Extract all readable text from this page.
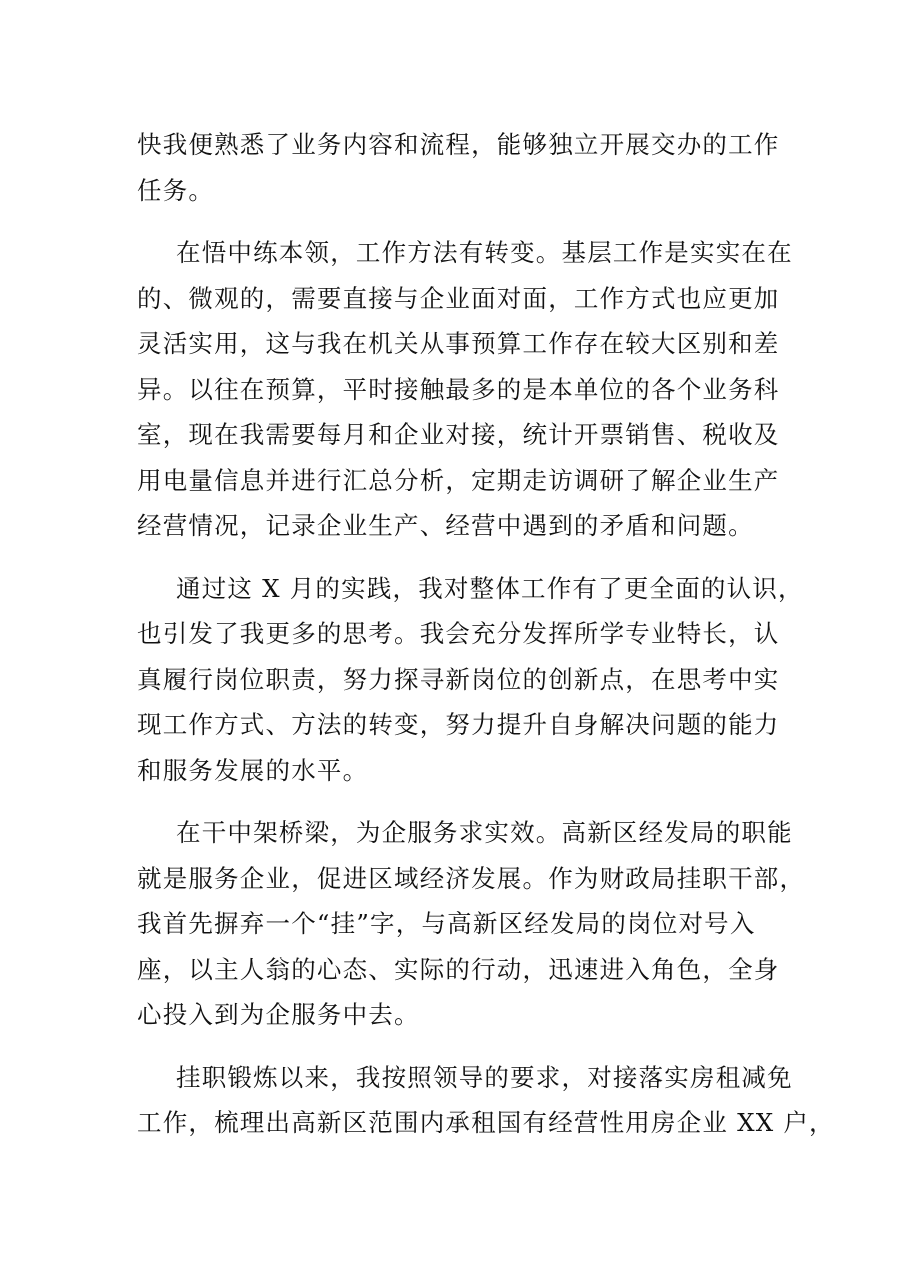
快我便熟悉了业务内容和流程，能够独立开展交办的工作
任务。
在悟中练本领，工作方法有转变。基层工作是实实在在
的、微观的，需要直接与企业面对面，工作方式也应更加
灵活实用，这与我在机关从事预算工作存在较大区别和差
异。以往在预算，平时接触最多的是本单位的各个业务科
室，现在我需要每月和企业对接，统计开票销售、税收及
用电量信息并进行汇总分析，定期走访调研了解企业生产
经营情况，记录企业生产、经营中遇到的矛盾和问题。
通过这 X 月的实践，我对整体工作有了更全面的认识，
也引发了我更多的思考。我会充分发挥所学专业特长，认
真履行岗位职责，努力探寻新岗位的创新点，在思考中实
现工作方式、方法的转变，努力提升自身解决问题的能力
和服务发展的水平。
在干中架桥梁，为企服务求实效。高新区经发局的职能
就是服务企业，促进区域经济发展。作为财政局挂职干部，
我首先摒弃一个“挂”字，与高新区经发局的岗位对号入
座，以主人翁的心态、实际的行动，迅速进入角色，全身
心投入到为企服务中去。
挂职锻炼以来，我按照领导的要求，对接落实房租减免
工作，梳理出高新区范围内承租国有经营性用房企业 XX 户，
